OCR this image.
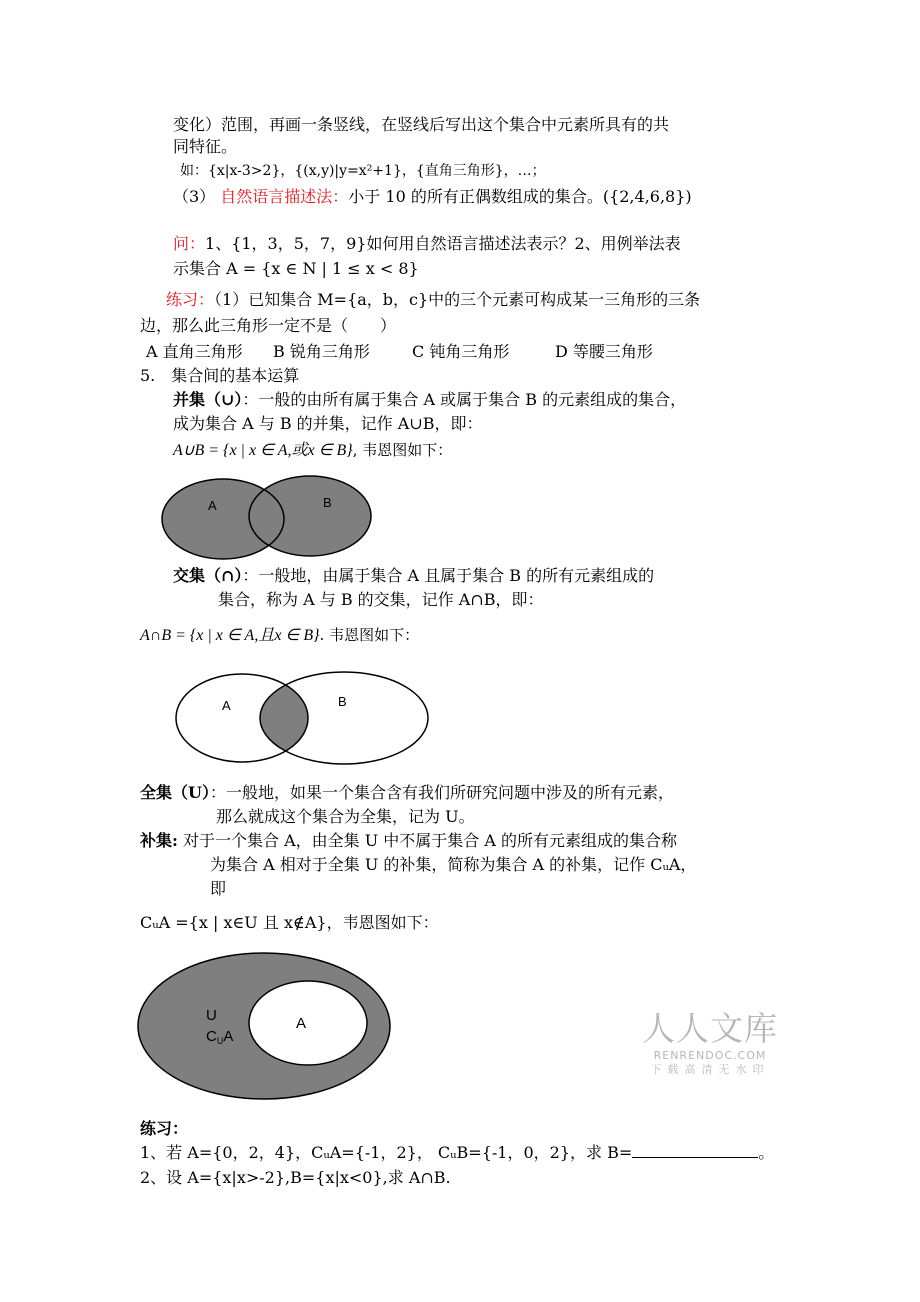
变化）范围，再画一条竖线，在竖线后写出这个集合中元素所具有的共
同特征。
如：{x|x-3>2}，{(x,y)|y=x²+1}，{直角三角形}，…；
（3） 自然语言描述法：小于 10 的所有正偶数组成的集合。({2,4,6,8})
问：1、{1，3，5，7，9}如何用自然语言描述法表示？2、用例举法表
示集合 A = {x ∈ N | 1 ≤ x < 8}
练习：（1）已知集合 M={a，b，c}中的三个元素可构成某一三角形的三条
边，那么此三角形一定不是（　　）
A 直角三角形 B 锐角三角形	C 钝角三角形	D 等腰三角形
5.　集合间的基本运算
并集（∪）：一般的由所有属于集合 A 或属于集合 B 的元素组成的集合，
成为集合 A 与 B 的并集，记作 A∪B，即：
A∪B = {x | x ∈ A,或x ∈ B}, 韦恩图如下：
A	B
交集（∩）：一般地，由属于集合 A 且属于集合 B 的所有元素组成的
集合，称为 A 与 B 的交集，记作 A∩B，即：
A∩B = {x | x ∈ A,且x ∈ B}. 韦恩图如下：
A	B
全集（U）：一般地，如果一个集合含有我们所研究问题中涉及的所有元素，
那么就成这个集合为全集，记为 U。
补集: 对于一个集合 A，由全集 U 中不属于集合 A 的所有元素组成的集合称
为集合 A 相对于全集 U 的补集，简称为集合 A 的补集，记作 CᵤA，
即
CᵤA ={x | x∈U 且 x∉A}，韦恩图如下：
U
$C_UA$
A	人人文库
RENRENDOC.COM
下载高清无水印
练习：
1、若 A={0，2，4}，CᵤA={-1，2}， CᵤB={-1，0，2}，求 B=	。
2、设 A={x|x>-2},B={x|x<0},求 A∩B.
